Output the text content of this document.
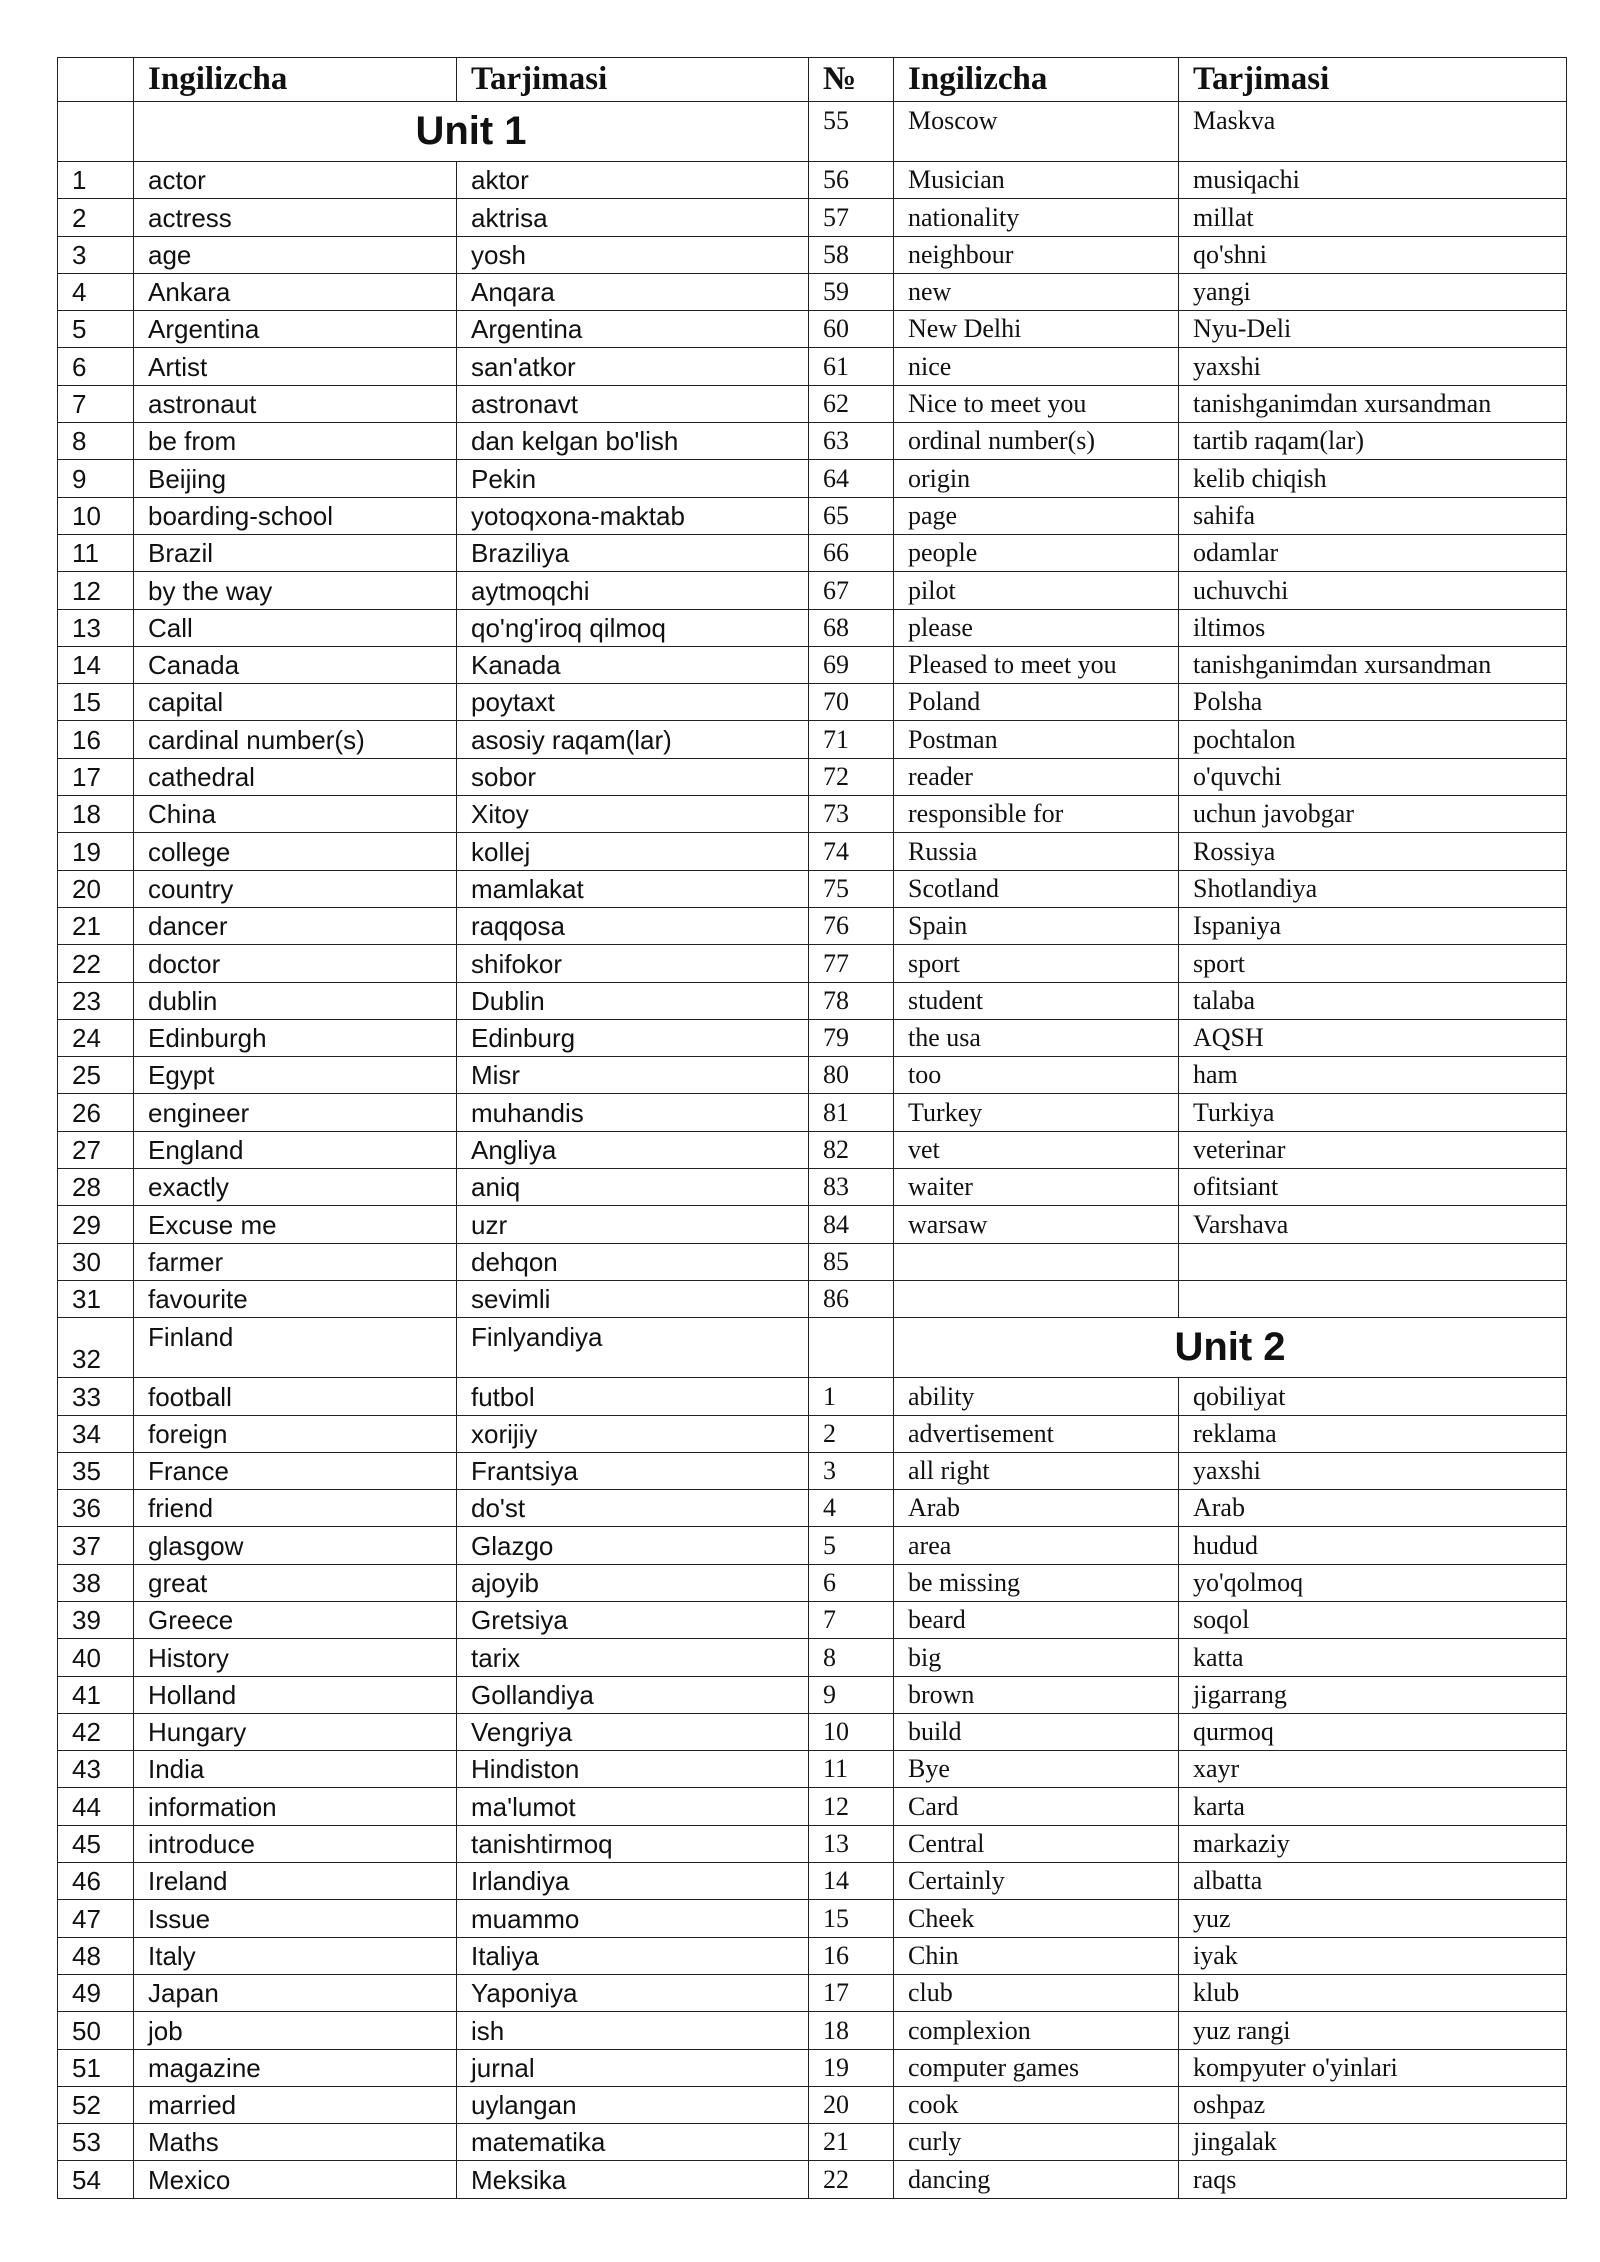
	Ingilizcha	Tarjimasi	№	Ingilizcha	Tarjimasi
	Unit 1		55	Moscow	Maskva
1	actor	aktor	56	Musician	musiqachi
2	actress	aktrisa	57	nationality	millat
3	age	yosh	58	neighbour	qo'shni
4	Ankara	Anqara	59	new	yangi
5	Argentina	Argentina	60	New Delhi	Nyu-Deli
6	Artist	san'atkor	61	nice	yaxshi
7	astronaut	astronavt	62	Nice to meet you	tanishganimdan xursandman
8	be from	dan kelgan bo'lish	63	ordinal number(s)	tartib raqam(lar)
9	Beijing	Pekin	64	origin	kelib chiqish
10	boarding-school	yotoqxona-maktab	65	page	sahifa
11	Brazil	Braziliya	66	people	odamlar
12	by the way	aytmoqchi	67	pilot	uchuvchi
13	Call	qo'ng'iroq qilmoq	68	please	iltimos
14	Canada	Kanada	69	Pleased to meet you	tanishganimdan xursandman
15	capital	poytaxt	70	Poland	Polsha
16	cardinal number(s)	asosiy raqam(lar)	71	Postman	pochtalon
17	cathedral	sobor	72	reader	o'quvchi
18	China	Xitoy	73	responsible for	uchun javobgar
19	college	kollej	74	Russia	Rossiya
20	country	mamlakat	75	Scotland	Shotlandiya
21	dancer	raqqosa	76	Spain	Ispaniya
22	doctor	shifokor	77	sport	sport
23	dublin	Dublin	78	student	talaba
24	Edinburgh	Edinburg	79	the usa	AQSH
25	Egypt	Misr	80	too	ham
26	engineer	muhandis	81	Turkey	Turkiya
27	England	Angliya	82	vet	veterinar
28	exactly	aniq	83	waiter	ofitsiant
29	Excuse me	uzr	84	warsaw	Varshava
30	farmer	dehqon	85		
31	favourite	sevimli	86		
32	Finland	Finlyandiya		Unit 2	
33	football	futbol	1	ability	qobiliyat
34	foreign	xorijiy	2	advertisement	reklama
35	France	Frantsiya	3	all right	yaxshi
36	friend	do'st	4	Arab	Arab
37	glasgow	Glazgo	5	area	hudud
38	great	ajoyib	6	be missing	yo'qolmoq
39	Greece	Gretsiya	7	beard	soqol
40	History	tarix	8	big	katta
41	Holland	Gollandiya	9	brown	jigarrang
42	Hungary	Vengriya	10	build	qurmoq
43	India	Hindiston	11	Bye	xayr
44	information	ma'lumot	12	Card	karta
45	introduce	tanishtirmoq	13	Central	markaziy
46	Ireland	Irlandiya	14	Certainly	albatta
47	Issue	muammo	15	Cheek	yuz
48	Italy	Italiya	16	Chin	iyak
49	Japan	Yaponiya	17	club	klub
50	job	ish	18	complexion	yuz rangi
51	magazine	jurnal	19	computer games	kompyuter o'yinlari
52	married	uylangan	20	cook	oshpaz
53	Maths	matematika	21	curly	jingalak
54	Mexico	Meksika	22	dancing	raqs
